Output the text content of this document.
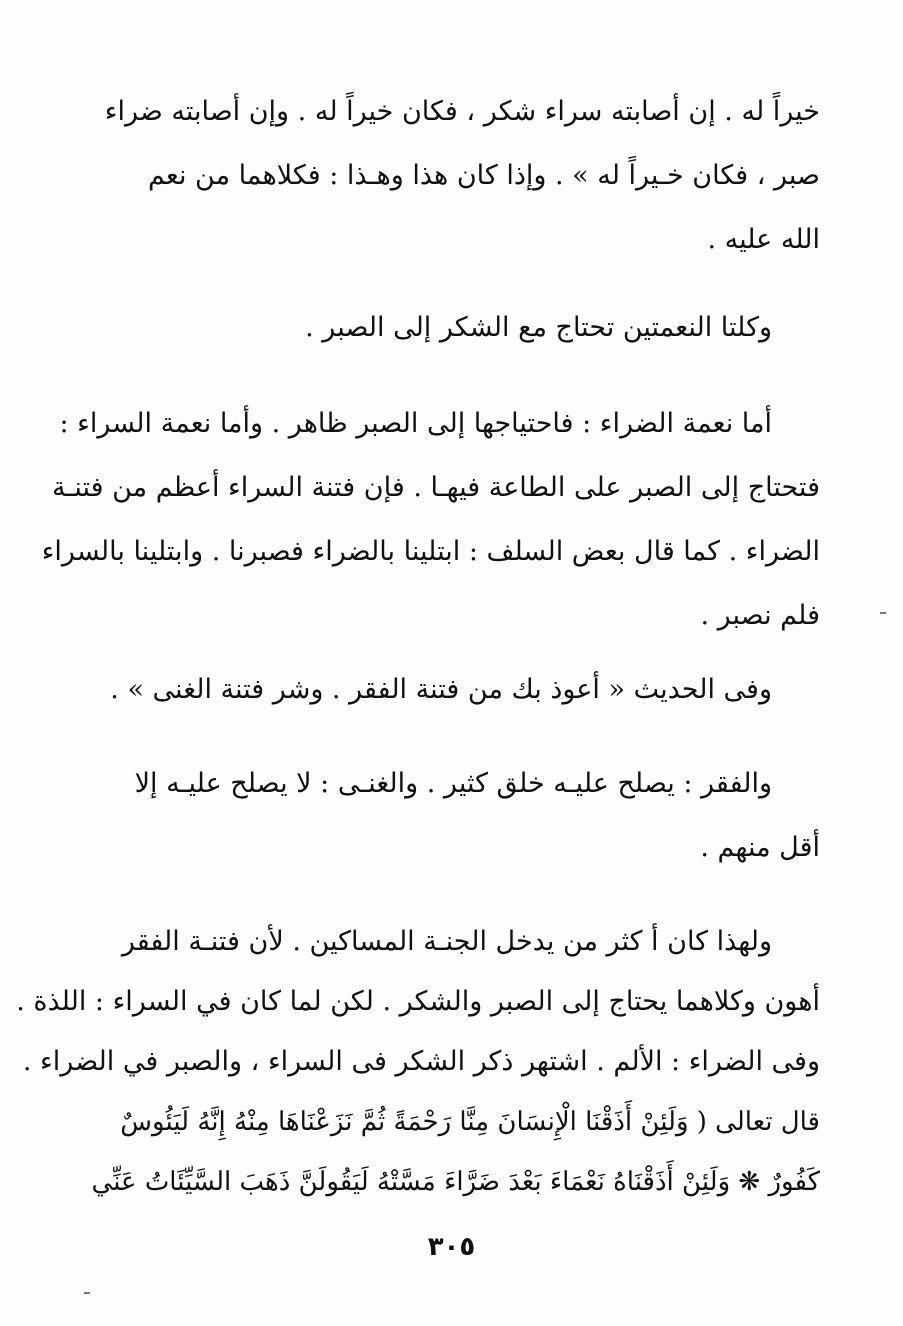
خيراً له . إن أصابته سراء شكر ، فكان خيراً له . وإن أصابته ضراء
صبر ، فكان خـيراً له » . وإذا كان هذا وهـذا : فكلاهما من نعم
الله عليه .
وكلتا النعمتين تحتاج مع الشكر إلى الصبر .
أما نعمة الضراء : فاحتياجها إلى الصبر ظاهر . وأما نعمة السراء :
فتحتاج إلى الصبر على الطاعة فيهـا . فإن فتنة السراء أعظم من فتنـة
الضراء . كما قال بعض السلف : ابتلينا بالضراء فصبرنا . وابتلينا بالسراء
فلم نصبر .
وفى الحديث « أعوذ بك من فتنة الفقر . وشر فتنة الغنى » .
والفقر : يصلح عليـه خلق كثير . والغنـى : لا يصلح عليـه إلا
أقل منهم .
ولهذا كان أ كثر من يدخل الجنـة المساكين . لأن فتنـة الفقر
أهون وكلاهما يحتاج إلى الصبر والشكر . لكن لما كان في السراء : اللذة .
وفى الضراء : الألم . اشتهر ذكر الشكر فى السراء ، والصبر في الضراء .
قال تعالى ( وَلَئِنْ أَذَقْنَا الْإِنسَانَ مِنَّا رَحْمَةً ثُمَّ نَزَعْنَاهَا مِنْهُ إِنَّهُ لَيَئُوسٌ
كَفُورٌ ❋ وَلَئِنْ أَذَقْنَاهُ نَعْمَاءَ بَعْدَ ضَرَّاءَ مَسَّتْهُ لَيَقُولَنَّ ذَهَبَ السَّيِّئَاتُ عَنِّي
٣٠٥
